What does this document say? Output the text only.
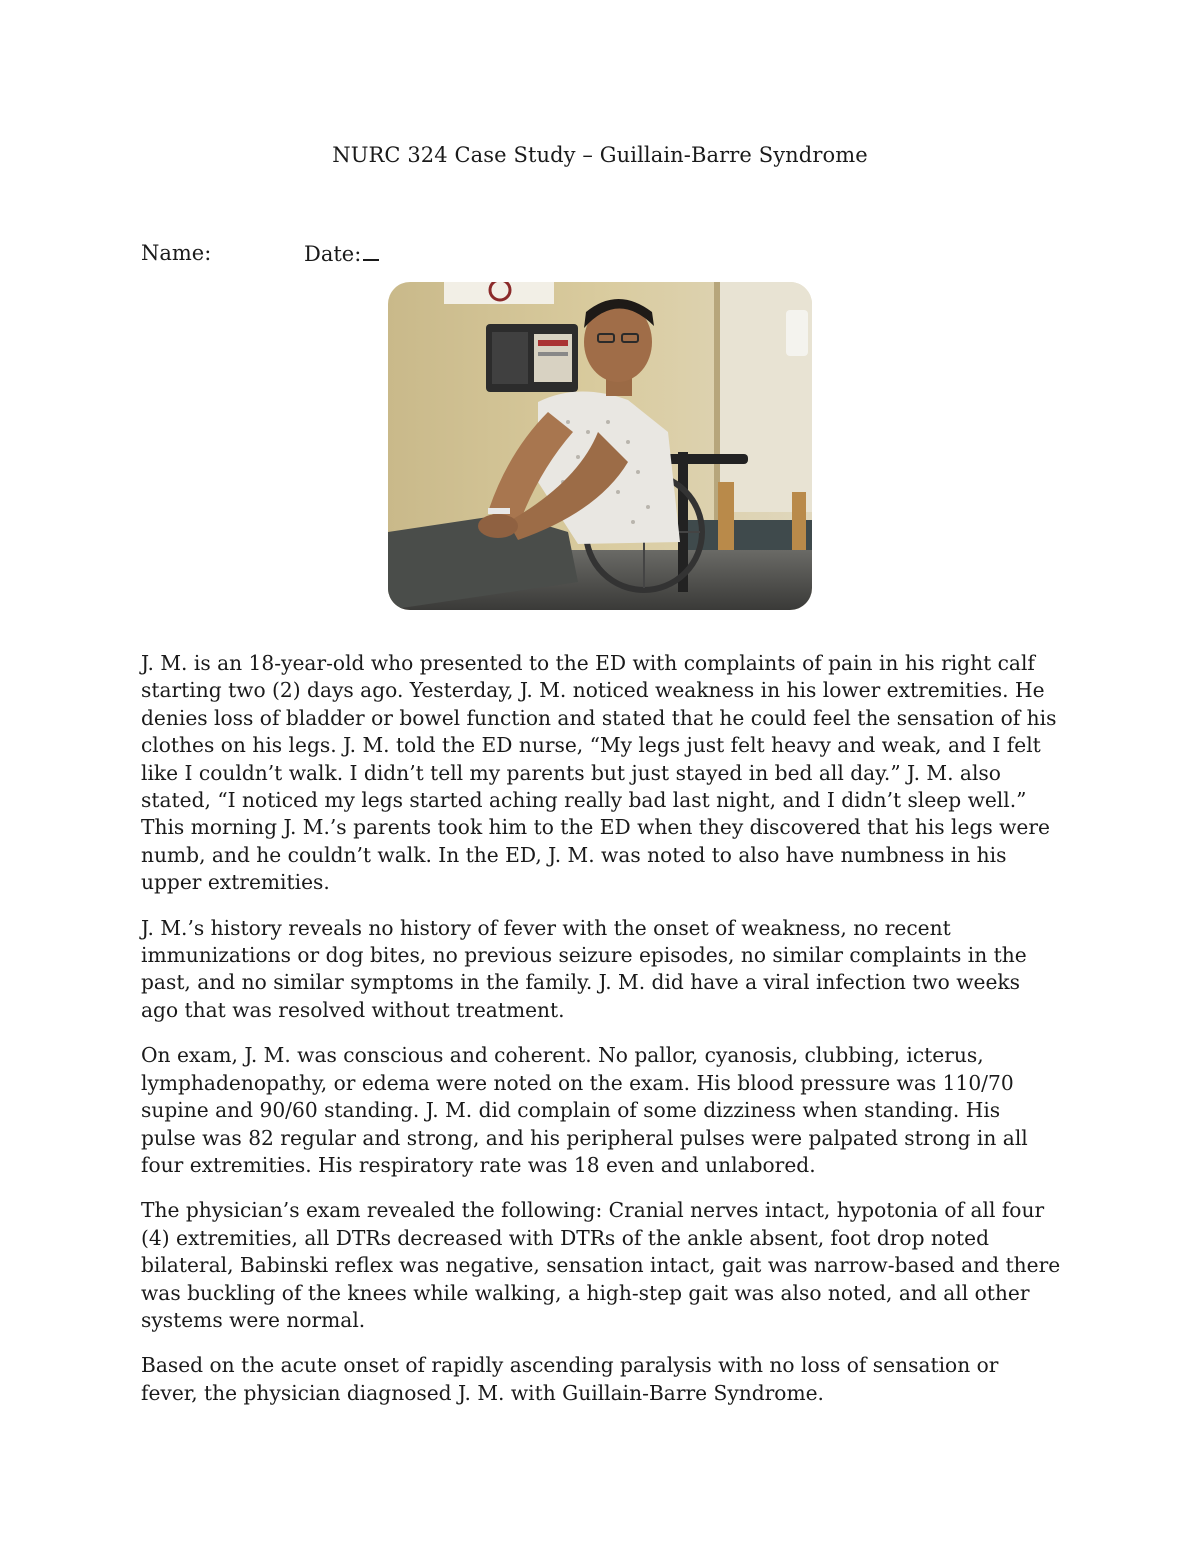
NURC 324 Case Study – Guillain-Barre Syndrome
Name:	Date:

J. M. is an 18-year-old who presented to the ED with complaints of pain in his right calf starting two (2) days ago. Yesterday, J. M. noticed weakness in his lower extremities. He denies loss of bladder or bowel function and stated that he could feel the sensation of his clothes on his legs. J. M. told the ED nurse, “My legs just felt heavy and weak, and I felt like I couldn’t walk. I didn’t tell my parents but just stayed in bed all day.” J. M. also stated, “I noticed my legs started aching really bad last night, and I didn’t sleep well.” This morning J. M.’s parents took him to the ED when they discovered that his legs were numb, and he couldn’t walk. In the ED, J. M. was noted to also have numbness in his upper extremities.

J. M.’s history reveals no history of fever with the onset of weakness, no recent immunizations or dog bites, no previous seizure episodes, no similar complaints in the past, and no similar symptoms in the family. J. M. did have a viral infection two weeks ago that was resolved without treatment.

On exam, J. M. was conscious and coherent. No pallor, cyanosis, clubbing, icterus, lymphadenopathy, or edema were noted on the exam. His blood pressure was 110/70 supine and 90/60 standing. J. M. did complain of some dizziness when standing. His pulse was 82 regular and strong, and his peripheral pulses were palpated strong in all four extremities. His respiratory rate was 18 even and unlabored.

The physician’s exam revealed the following: Cranial nerves intact, hypotonia of all four (4) extremities, all DTRs decreased with DTRs of the ankle absent, foot drop noted bilateral, Babinski reflex was negative, sensation intact, gait was narrow-based and there was buckling of the knees while walking, a high-step gait was also noted, and all other systems were normal.

Based on the acute onset of rapidly ascending paralysis with no loss of sensation or fever, the physician diagnosed J. M. with Guillain-Barre Syndrome.
